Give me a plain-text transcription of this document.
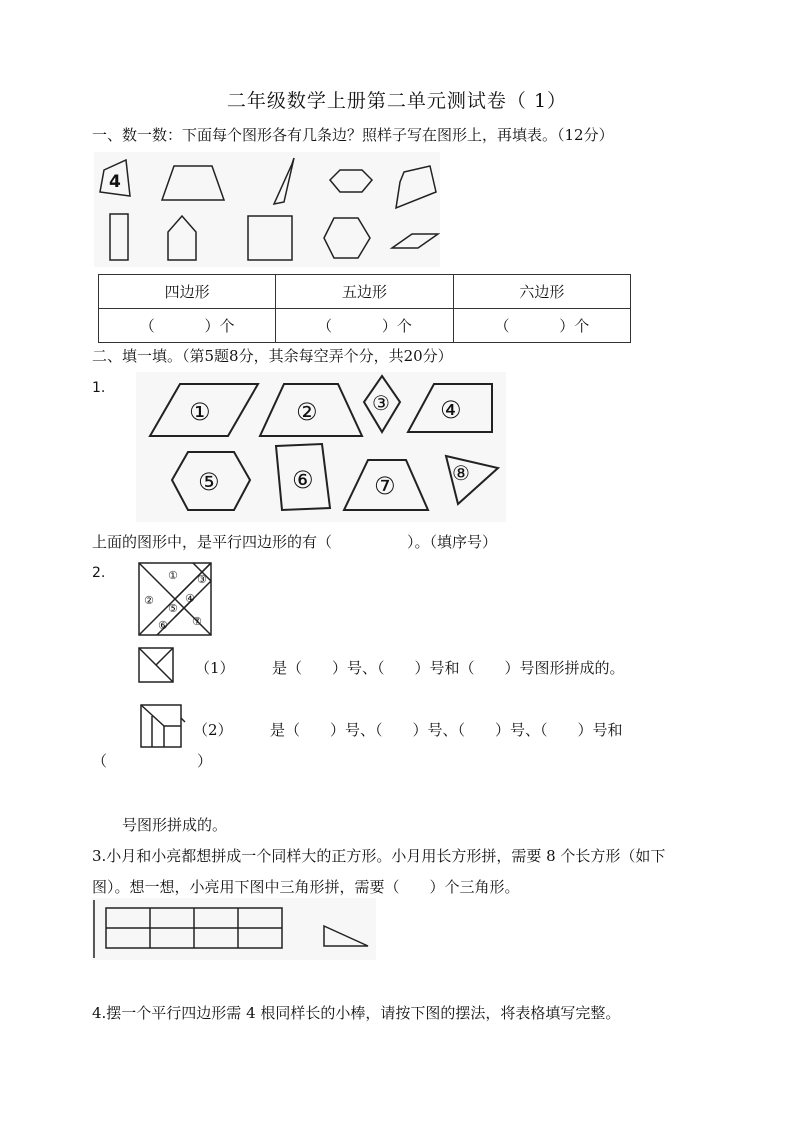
二年级数学上册第二单元测试卷（ 1）
一、数一数：下面每个图形各有几条边？照样子写在图形上，再填表。（12分）
4
四边形	五边形	六边形
（ 　　　）个	（ 　　　）个	（ 　　　）个
二、填一填。（第5题8分，其余每空弄个分，共20分）
1.
①	②	③ ④
⑤	⑥	⑦	⑧
上面的图形中，是平行四边形的有（　　　　　）。（填序号）
2.	①
②
③
④
⑤
⑥ ⑦
（1）　　　是（　　）号、（　　）号和（　　）号图形拼成的。
（2）　　　是（　　）号、（　　）号、（　　）号、（　　）号和
（　　　　　　）
号图形拼成的。
3.小月和小亮都想拼成一个同样大的正方形。小月用长方形拼，需要 8 个长方形（如下
图）。想一想，小亮用下图中三角形拼，需要（　　）个三角形。
4.摆一个平行四边形需 4 根同样长的小棒，请按下图的摆法，将表格填写完整。
